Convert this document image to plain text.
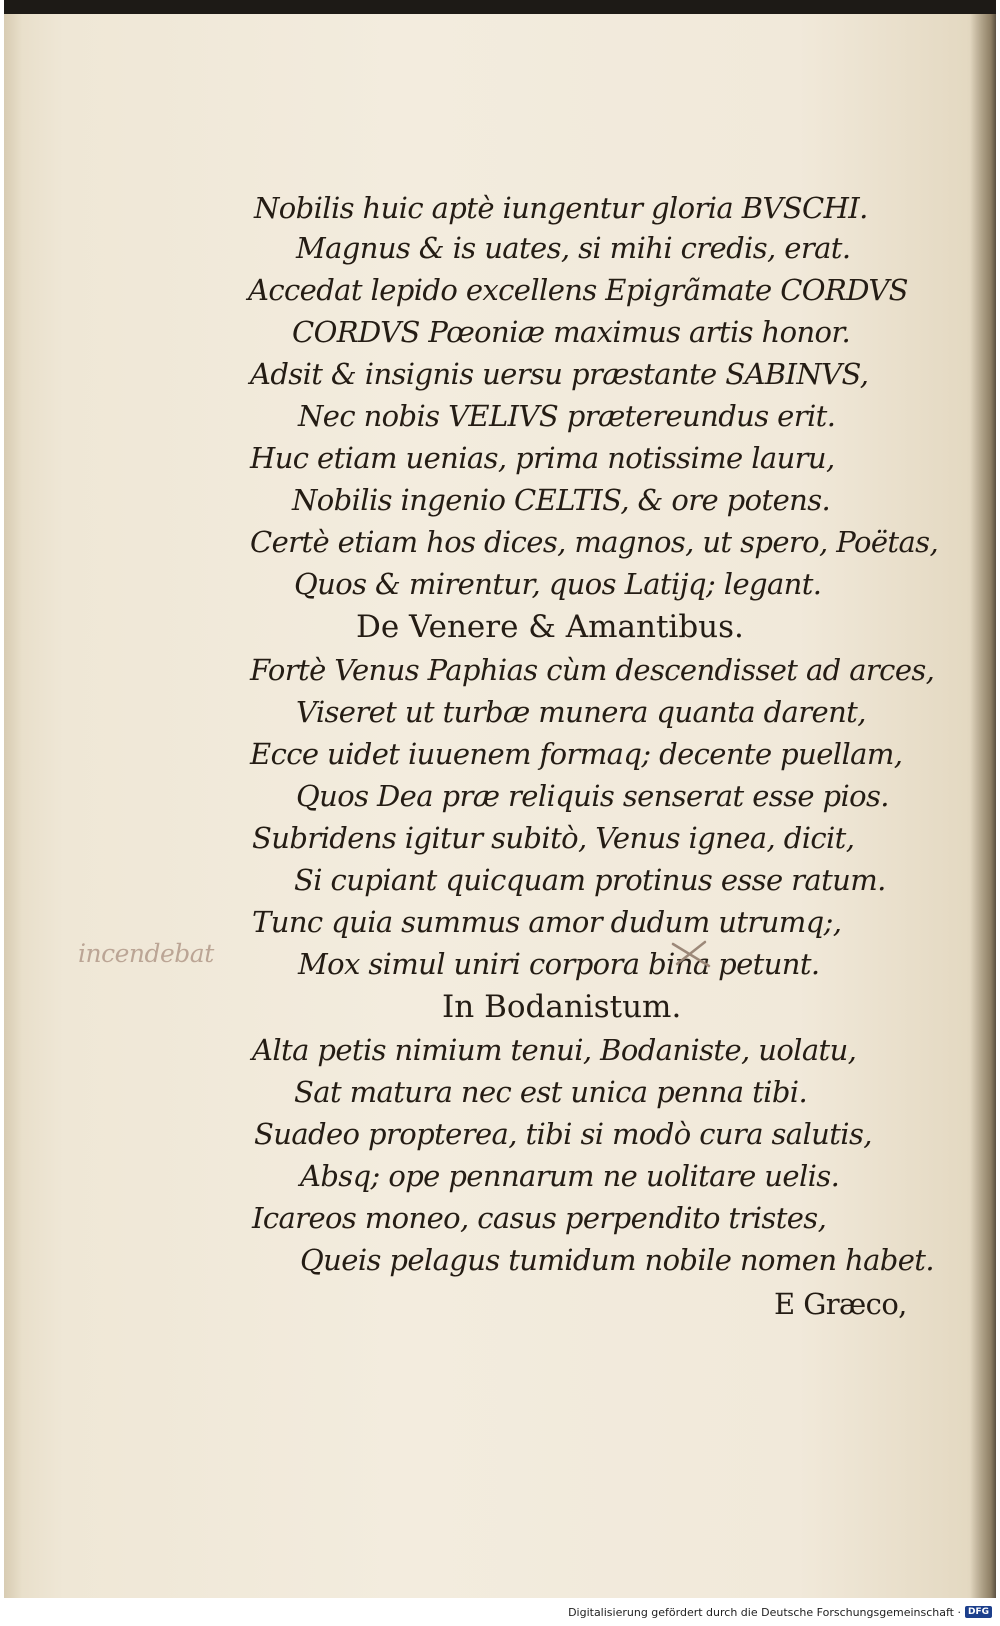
Nobilis huic aptè iungentur gloria BVSCHI.
Magnus & is uates, si mihi credis, erat.
Accedat lepido excellens Epigrãmate CORDVS
CORDVS Pœoniæ maximus artis honor.
Adsit & insignis uersu præstante SABINVS,
Nec nobis VELIVS prætereundus erit.
Huc etiam uenias, prima notissime lauru,
Nobilis ingenio CELTIS, & ore potens.
Certè etiam hos dices, magnos, ut spero, Poëtas,
Quos & mirentur, quos Latijq; legant.
De Venere & Amantibus.
Fortè Venus Paphias cùm descendisset ad arces,
Viseret ut turbæ munera quanta darent,
Ecce uidet iuuenem formaq; decente puellam,
Quos Dea præ reliquis senserat esse pios.
Subridens igitur subitò, Venus ignea, dicit,
Si cupiant quicquam protinus esse ratum.
Tunc quia summus amor dudum utrumq;,
Mox simul uniri corpora bina petunt.
In Bodanistum.
Alta petis nimium tenui, Bodaniste, uolatu,
Sat matura nec est unica penna tibi.
Suadeo propterea, tibi si modò cura salutis,
Absq; ope pennarum ne uolitare uelis.
Icareos moneo, casus perpendito tristes,
Queis pelagus tumidum nobile nomen habet.
E Græco,
incendebat
Digitalisierung gefördert durch die Deutsche Forschungsgemeinschaft · DFG
